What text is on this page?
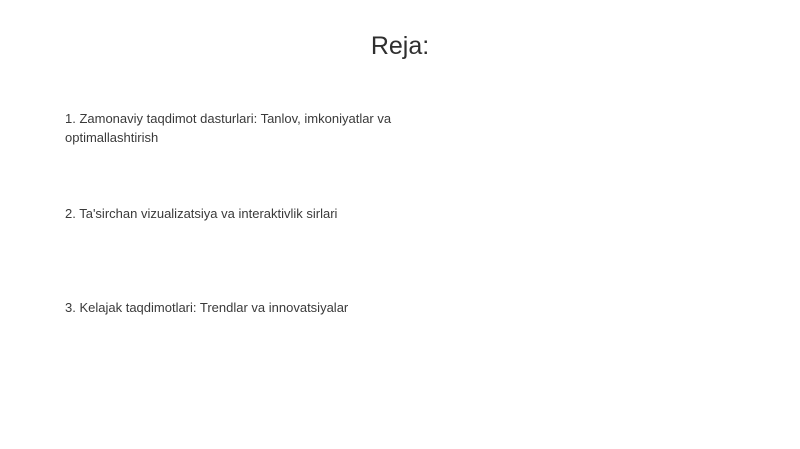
Reja:
1. Zamonaviy taqdimot dasturlari: Tanlov, imkoniyatlar va optimallashtirish
2. Ta'sirchan vizualizatsiya va interaktivlik sirlari
3. Kelajak taqdimotlari: Trendlar va innovatsiyalar
